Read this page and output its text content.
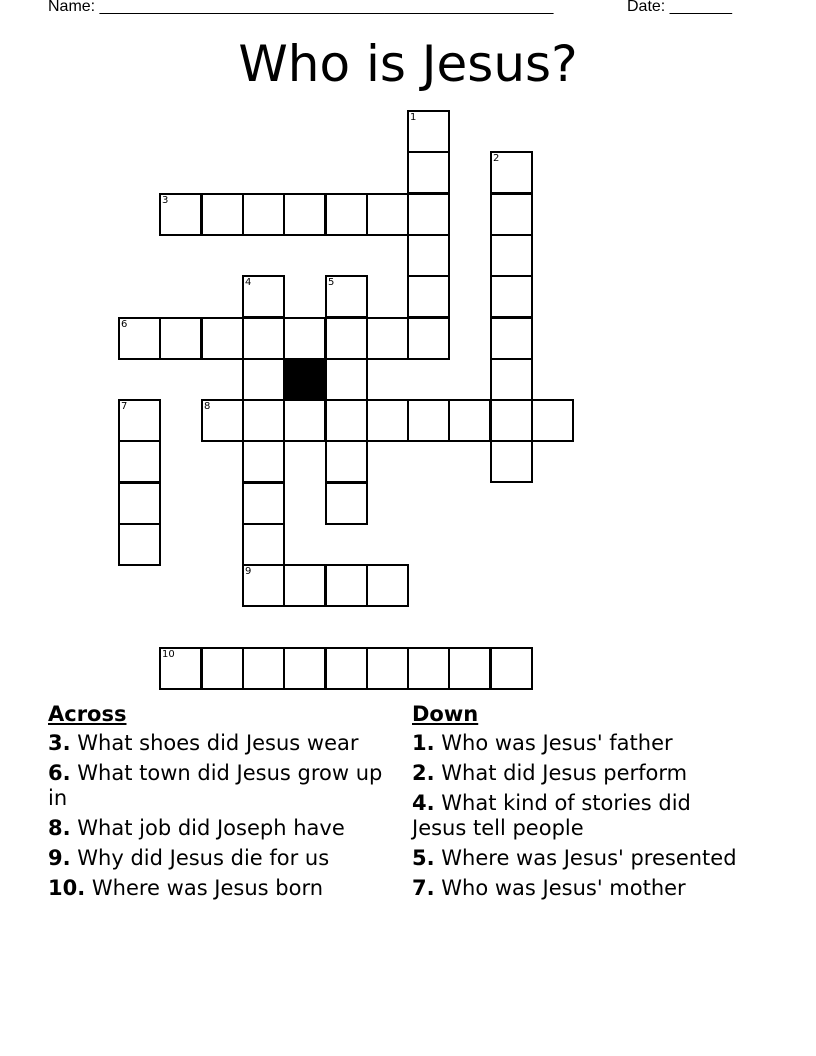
Name: ___________________________________________________	Date: _______
Who is Jesus?
1
2
3
4	5
6
7	8
9
10
Across
3. What shoes did Jesus wear
6. What town did Jesus grow up in
8. What job did Joseph have
9. Why did Jesus die for us
10. Where was Jesus born
Down
1. Who was Jesus' father
2. What did Jesus perform
4. What kind of stories did Jesus tell people
5. Where was Jesus' presented
7. Who was Jesus' mother
